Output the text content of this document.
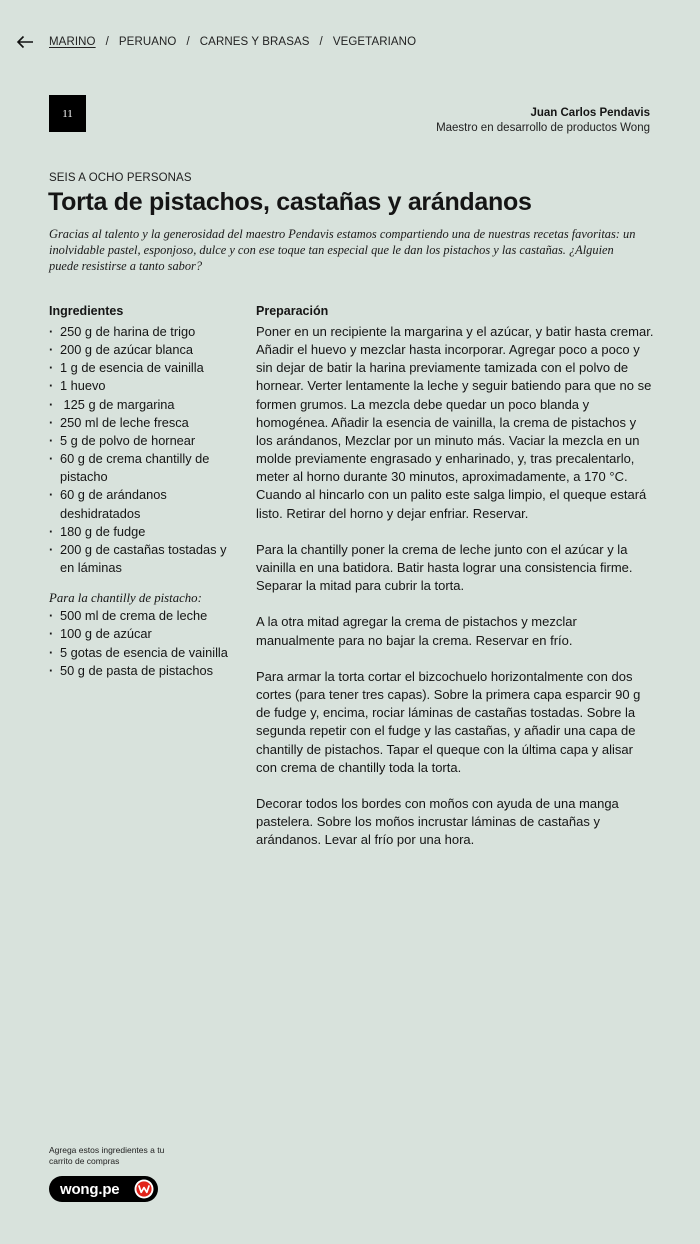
MARINO / PERUANO / CARNES Y BRASAS / VEGETARIANO
11	Juan Carlos Pendavis
Maestro en desarrollo de productos Wong
SEIS A OCHO PERSONAS
Torta de pistachos, castañas y arándanos

Gracias al talento y la generosidad del maestro Pendavis estamos compartiendo una de nuestras recetas favoritas: un inolvidable pastel, esponjoso, dulce y con ese toque tan especial que le dan los pistachos y las castañas. ¿Alguien puede resistirse a tanto sabor?

Ingredientes
· 250 g de harina de trigo
· 200 g de azúcar blanca
· 1 g de esencia de vainilla
· 1 huevo
·  125 g de margarina
· 250 ml de leche fresca
· 5 g de polvo de hornear
· 60 g de crema chantilly de pistacho
· 60 g de arándanos deshidratados
· 180 g de fudge
· 200 g de castañas tostadas y en láminas
Para la chantilly de pistacho:
· 500 ml de crema de leche
· 100 g de azúcar
· 5 gotas de esencia de vainilla
· 50 g de pasta de pistachos
Preparación

Poner en un recipiente la margarina y el azúcar, y batir hasta cremar. Añadir el huevo y mezclar hasta incorporar. Agregar poco a poco y sin dejar de batir la harina previamente tamizada con el polvo de hornear. Verter lentamente la leche y seguir batiendo para que no se formen grumos. La mezcla debe quedar un poco blanda y homogénea. Añadir la esencia de vainilla, la crema de pistachos y los arándanos, Mezclar por un minuto más. Vaciar la mezcla en un molde previamente engrasado y enharinado, y, tras precalentarlo, meter al horno durante 30 minutos, aproximadamente, a 170 °C. Cuando al hincarlo con un palito este salga limpio, el queque estará listo. Retirar del horno y dejar enfriar. Reservar.

Para la chantilly poner la crema de leche junto con el azúcar y la vainilla en una batidora. Batir hasta lograr una consistencia firme. Separar la mitad para cubrir la torta.

A la otra mitad agregar la crema de pistachos y mezclar manualmente para no bajar la crema. Reservar en frío.

Para armar la torta cortar el bizcochuelo horizontalmente con dos cortes (para tener tres capas). Sobre la primera capa esparcir 90 g de fudge y, encima, rociar láminas de castañas tostadas. Sobre la segunda repetir con el fudge y las castañas, y añadir una capa de chantilly de pistachos. Tapar el queque con la última capa y alisar con crema de chantilly toda la torta.

Decorar todos los bordes con moños con ayuda de una manga pastelera. Sobre los moños incrustar láminas de castañas y arándanos. Levar al frío por una hora.

Agrega estos ingredientes a tu carrito de compras
wong.pe
